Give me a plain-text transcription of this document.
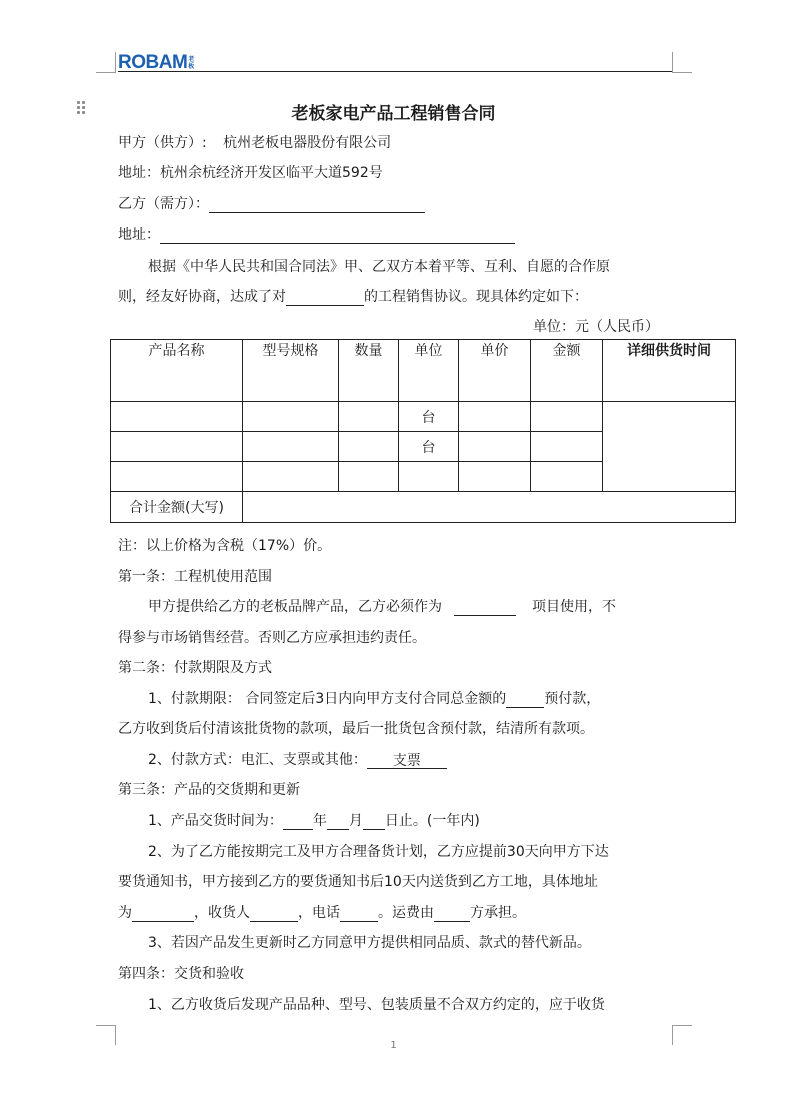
ROBAM 老板
老板家电产品工程销售合同
甲方（供方）: 杭州老板电器股份有限公司
地址：杭州余杭经济开发区临平大道592号
乙方（需方）：
地址：
根据《中华人民共和国合同法》甲、乙双方本着平等、互利、自愿的合作原
则，经友好协商，达成了对	的工程销售协议。现具体约定如下：
单位：元（人民币）
产品名称	型号规格	数量	单位	单价	金额	详细供货时间
			台			
			台			

合计金额(大写)						
注：以上价格为含税（17%）价。
第一条：工程机使用范围
甲方提供给乙方的老板品牌产品，乙方必须作为	项目使用，不
得参与市场销售经营。否则乙方应承担违约责任。
第二条：付款期限及方式
1、付款期限： 合同签定后3日内向甲方支付合同总金额的	预付款，
乙方收到货后付清该批货物的款项，最后一批货包含预付款，结清所有款项。
2、付款方式：电汇、支票或其他： 支票
第三条：产品的交货期和更新
1、产品交货时间为： 年 月 日止。(一年内)
2、为了乙方能按期完工及甲方合理备货计划，乙方应提前30天向甲方下达
要货通知书，甲方接到乙方的要货通知书后10天内送货到乙方工地，具体地址
为	，收货人	，电话	。运费由	方承担。
3、若因产品发生更新时乙方同意甲方提供相同品质、款式的替代新品。
第四条：交货和验收
1、乙方收货后发现产品品种、型号、包装质量不合双方约定的，应于收货
1
